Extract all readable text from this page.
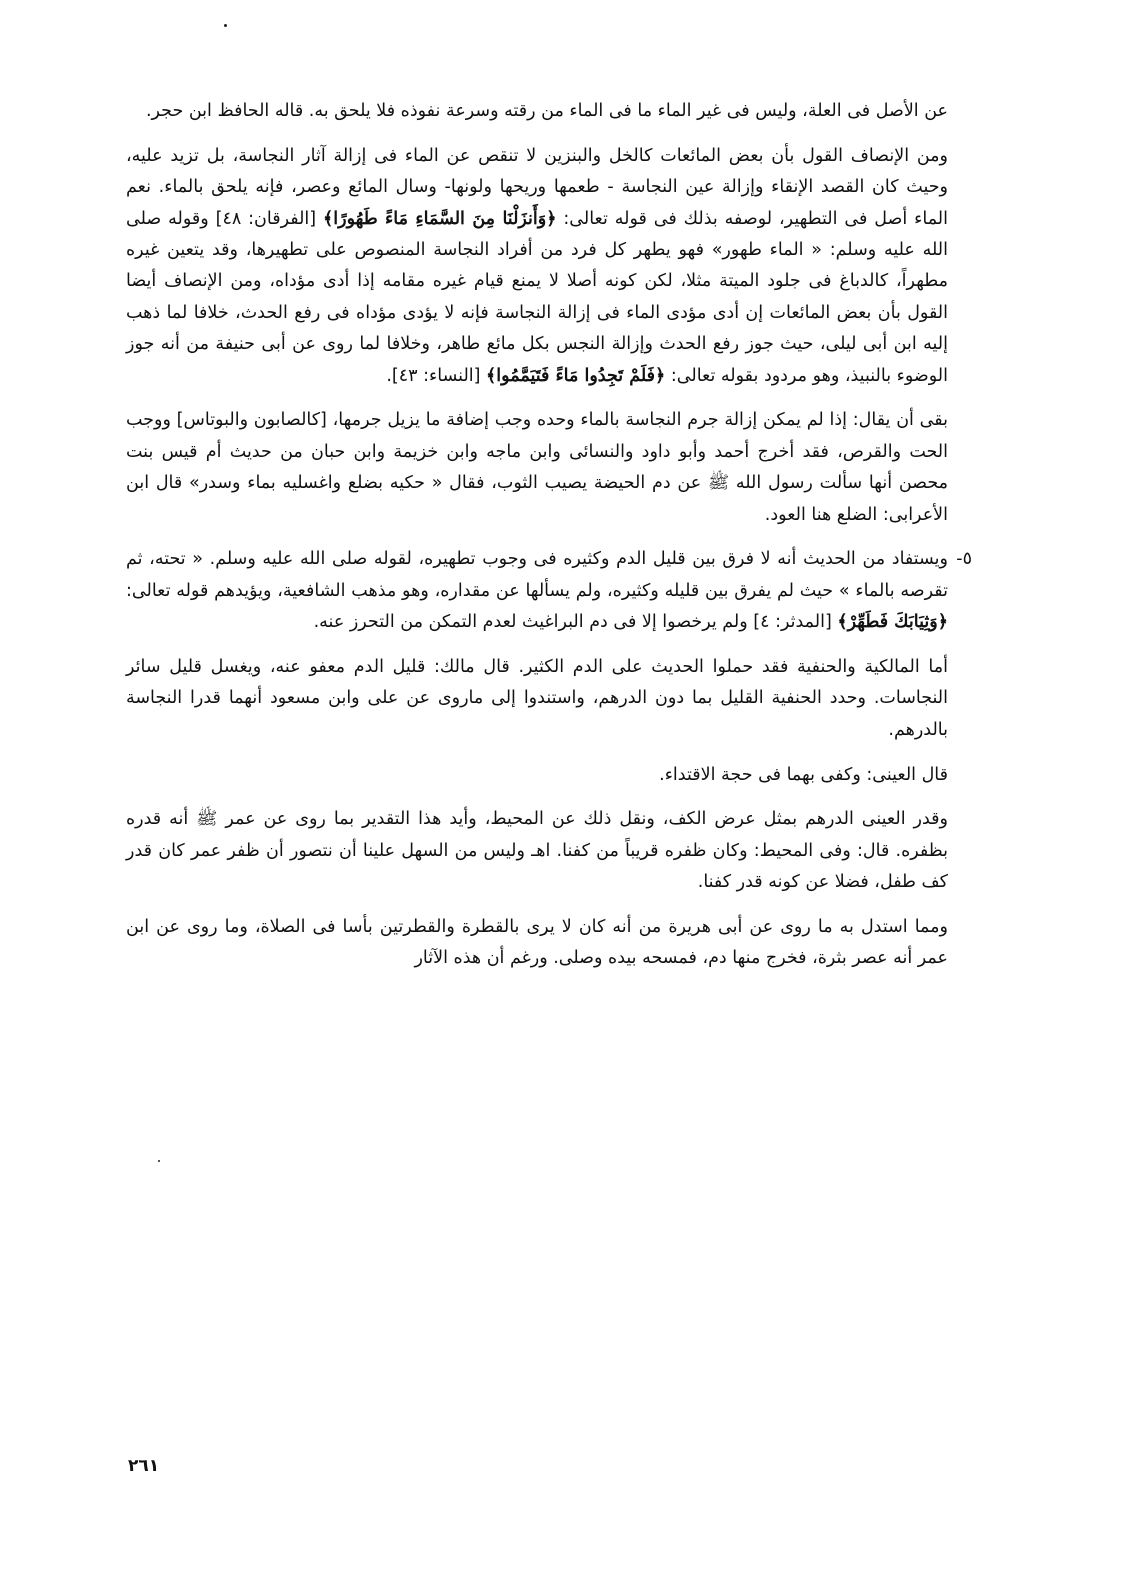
عن الأصل فى العلة، وليس فى غير الماء ما فى الماء من رقته وسرعة نفوذه فلا يلحق به. قاله الحافظ ابن حجر.

ومن الإنصاف القول بأن بعض المائعات كالخل والبنزين لا تنقص عن الماء فى إزالة آثار النجاسة، بل تزيد عليه، وحيث كان القصد الإنقاء وإزالة عين النجاسة - طعمها وريحها ولونها- وسال المائع وعصر، فإنه يلحق بالماء. نعم الماء أصل فى التطهير، لوصفه بذلك فى قوله تعالى: ﴿وَأَنزَلْنَا مِنَ السَّمَاءِ مَاءً طَهُورًا﴾ [الفرقان: ٤٨] وقوله صلى الله عليه وسلم: « الماء طهور» فهو يطهر كل فرد من أفراد النجاسة المنصوص على تطهيرها، وقد يتعين غيره مطهراً، كالدباغ فى جلود الميتة مثلا، لكن كونه أصلا لا يمنع قيام غيره مقامه إذا أدى مؤداه، ومن الإنصاف أيضا القول بأن بعض المائعات إن أدى مؤدى الماء فى إزالة النجاسة فإنه لا يؤدى مؤداه فى رفع الحدث، خلافا لما ذهب إليه ابن أبى ليلى، حيث جوز رفع الحدث وإزالة النجس بكل مائع طاهر، وخلافا لما روى عن أبى حنيفة من أنه جوز الوضوء بالنبيذ، وهو مردود بقوله تعالى: ﴿فَلَمْ تَجِدُوا مَاءً فَتَيَمَّمُوا﴾ [النساء: ٤٣].

بقى أن يقال: إذا لم يمكن إزالة جرم النجاسة بالماء وحده وجب إضافة ما يزيل جرمها، [كالصابون والبوتاس] ووجب الحت والقرص، فقد أخرج أحمد وأبو داود والنسائى وابن ماجه وابن خزيمة وابن حبان من حديث أم قيس بنت محصن أنها سألت رسول الله ﷺ عن دم الحيضة يصيب الثوب، فقال « حكيه بضلع واغسليه بماء وسدر» قال ابن الأعرابى: الضلع هنا العود.

٥-
ويستفاد من الحديث أنه لا فرق بين قليل الدم وكثيره فى وجوب تطهيره، لقوله صلى الله عليه وسلم. « تحته، ثم تقرصه بالماء » حيث لم يفرق بين قليله وكثيره، ولم يسألها عن مقداره، وهو مذهب الشافعية، ويؤيدهم قوله تعالى: ﴿وَثِيَابَكَ فَطَهِّرْ﴾ [المدثر: ٤] ولم يرخصوا إلا فى دم البراغيث لعدم التمكن من التحرز عنه.

أما المالكية والحنفية فقد حملوا الحديث على الدم الكثير. قال مالك: قليل الدم معفو عنه، ويغسل قليل سائر النجاسات. وحدد الحنفية القليل بما دون الدرهم، واستندوا إلى ماروى عن على وابن مسعود أنهما قدرا النجاسة بالدرهم.

قال العينى: وكفى بهما فى حجة الاقتداء.

وقدر العينى الدرهم بمثل عرض الكف، ونقل ذلك عن المحيط، وأيد هذا التقدير بما روى عن عمر ﷺ أنه قدره بظفره. قال: وفى المحيط: وكان ظفره قريباً من كفنا. اهـ وليس من السهل علينا أن نتصور أن ظفر عمر كان قدر كف طفل، فضلا عن كونه قدر كفنا.

ومما استدل به ما روى عن أبى هريرة من أنه كان لا يرى بالقطرة والقطرتين بأسا فى الصلاة، وما روى عن ابن عمر أنه عصر بثرة، فخرج منها دم، فمسحه بيده وصلى. ورغم أن هذه الآثار

٢٦١
